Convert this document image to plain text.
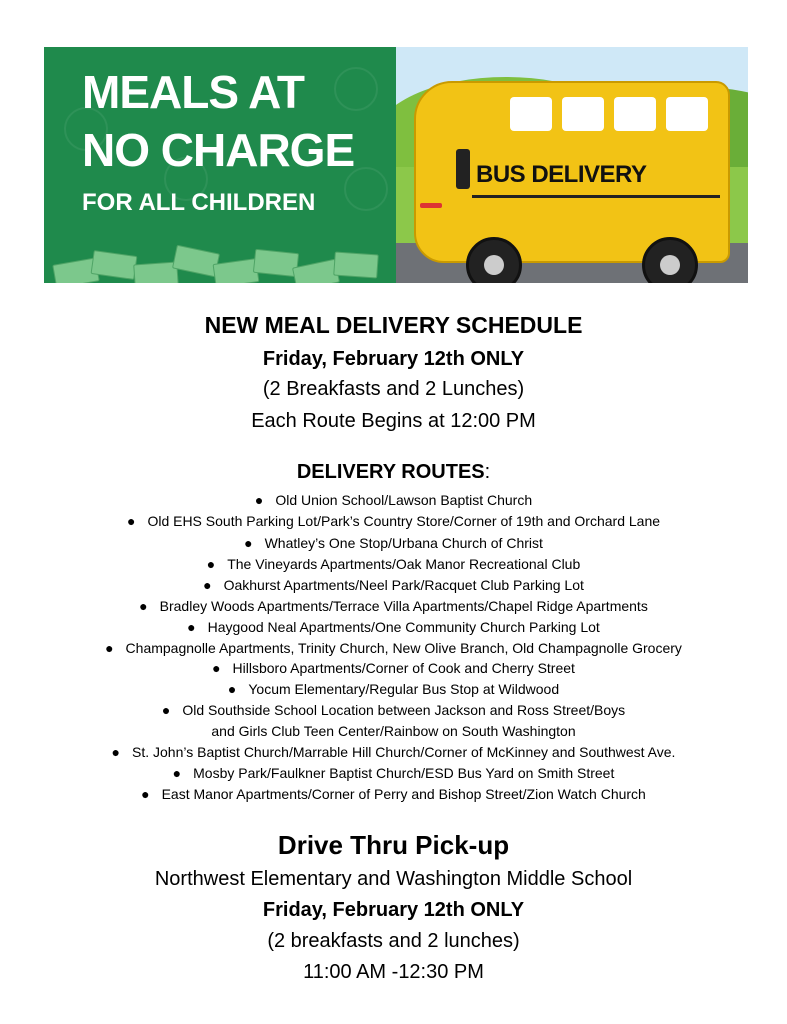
MEALS AT
NO CHARGE
FOR ALL CHILDREN
BUS DELIVERY
NEW MEAL DELIVERY SCHEDULE
Friday, February 12th ONLY
(2 Breakfasts and 2 Lunches)
Each Route Begins at 12:00 PM
DELIVERY ROUTES:
● Old Union School/Lawson Baptist Church
● Old EHS South Parking Lot/Park’s Country Store/Corner of 19th and Orchard Lane
● Whatley’s One Stop/Urbana Church of Christ
● The Vineyards Apartments/Oak Manor Recreational Club
● Oakhurst Apartments/Neel Park/Racquet Club Parking Lot
● Bradley Woods Apartments/Terrace Villa Apartments/Chapel Ridge Apartments
● Haygood Neal Apartments/One Community Church Parking Lot
● Champagnolle Apartments, Trinity Church, New Olive Branch, Old Champagnolle Grocery
● Hillsboro Apartments/Corner of Cook and Cherry Street
● Yocum Elementary/Regular Bus Stop at Wildwood
● Old Southside School Location between Jackson and Ross Street/Boys
and Girls Club Teen Center/Rainbow on South Washington
● St. John’s Baptist Church/Marrable Hill Church/Corner of McKinney and Southwest Ave.
● Mosby Park/Faulkner Baptist Church/ESD Bus Yard on Smith Street
● East Manor Apartments/Corner of Perry and Bishop Street/Zion Watch Church
Drive Thru Pick-up
Northwest Elementary and Washington Middle School
Friday, February 12th ONLY
(2 breakfasts and 2 lunches)
11:00 AM -12:30 PM
